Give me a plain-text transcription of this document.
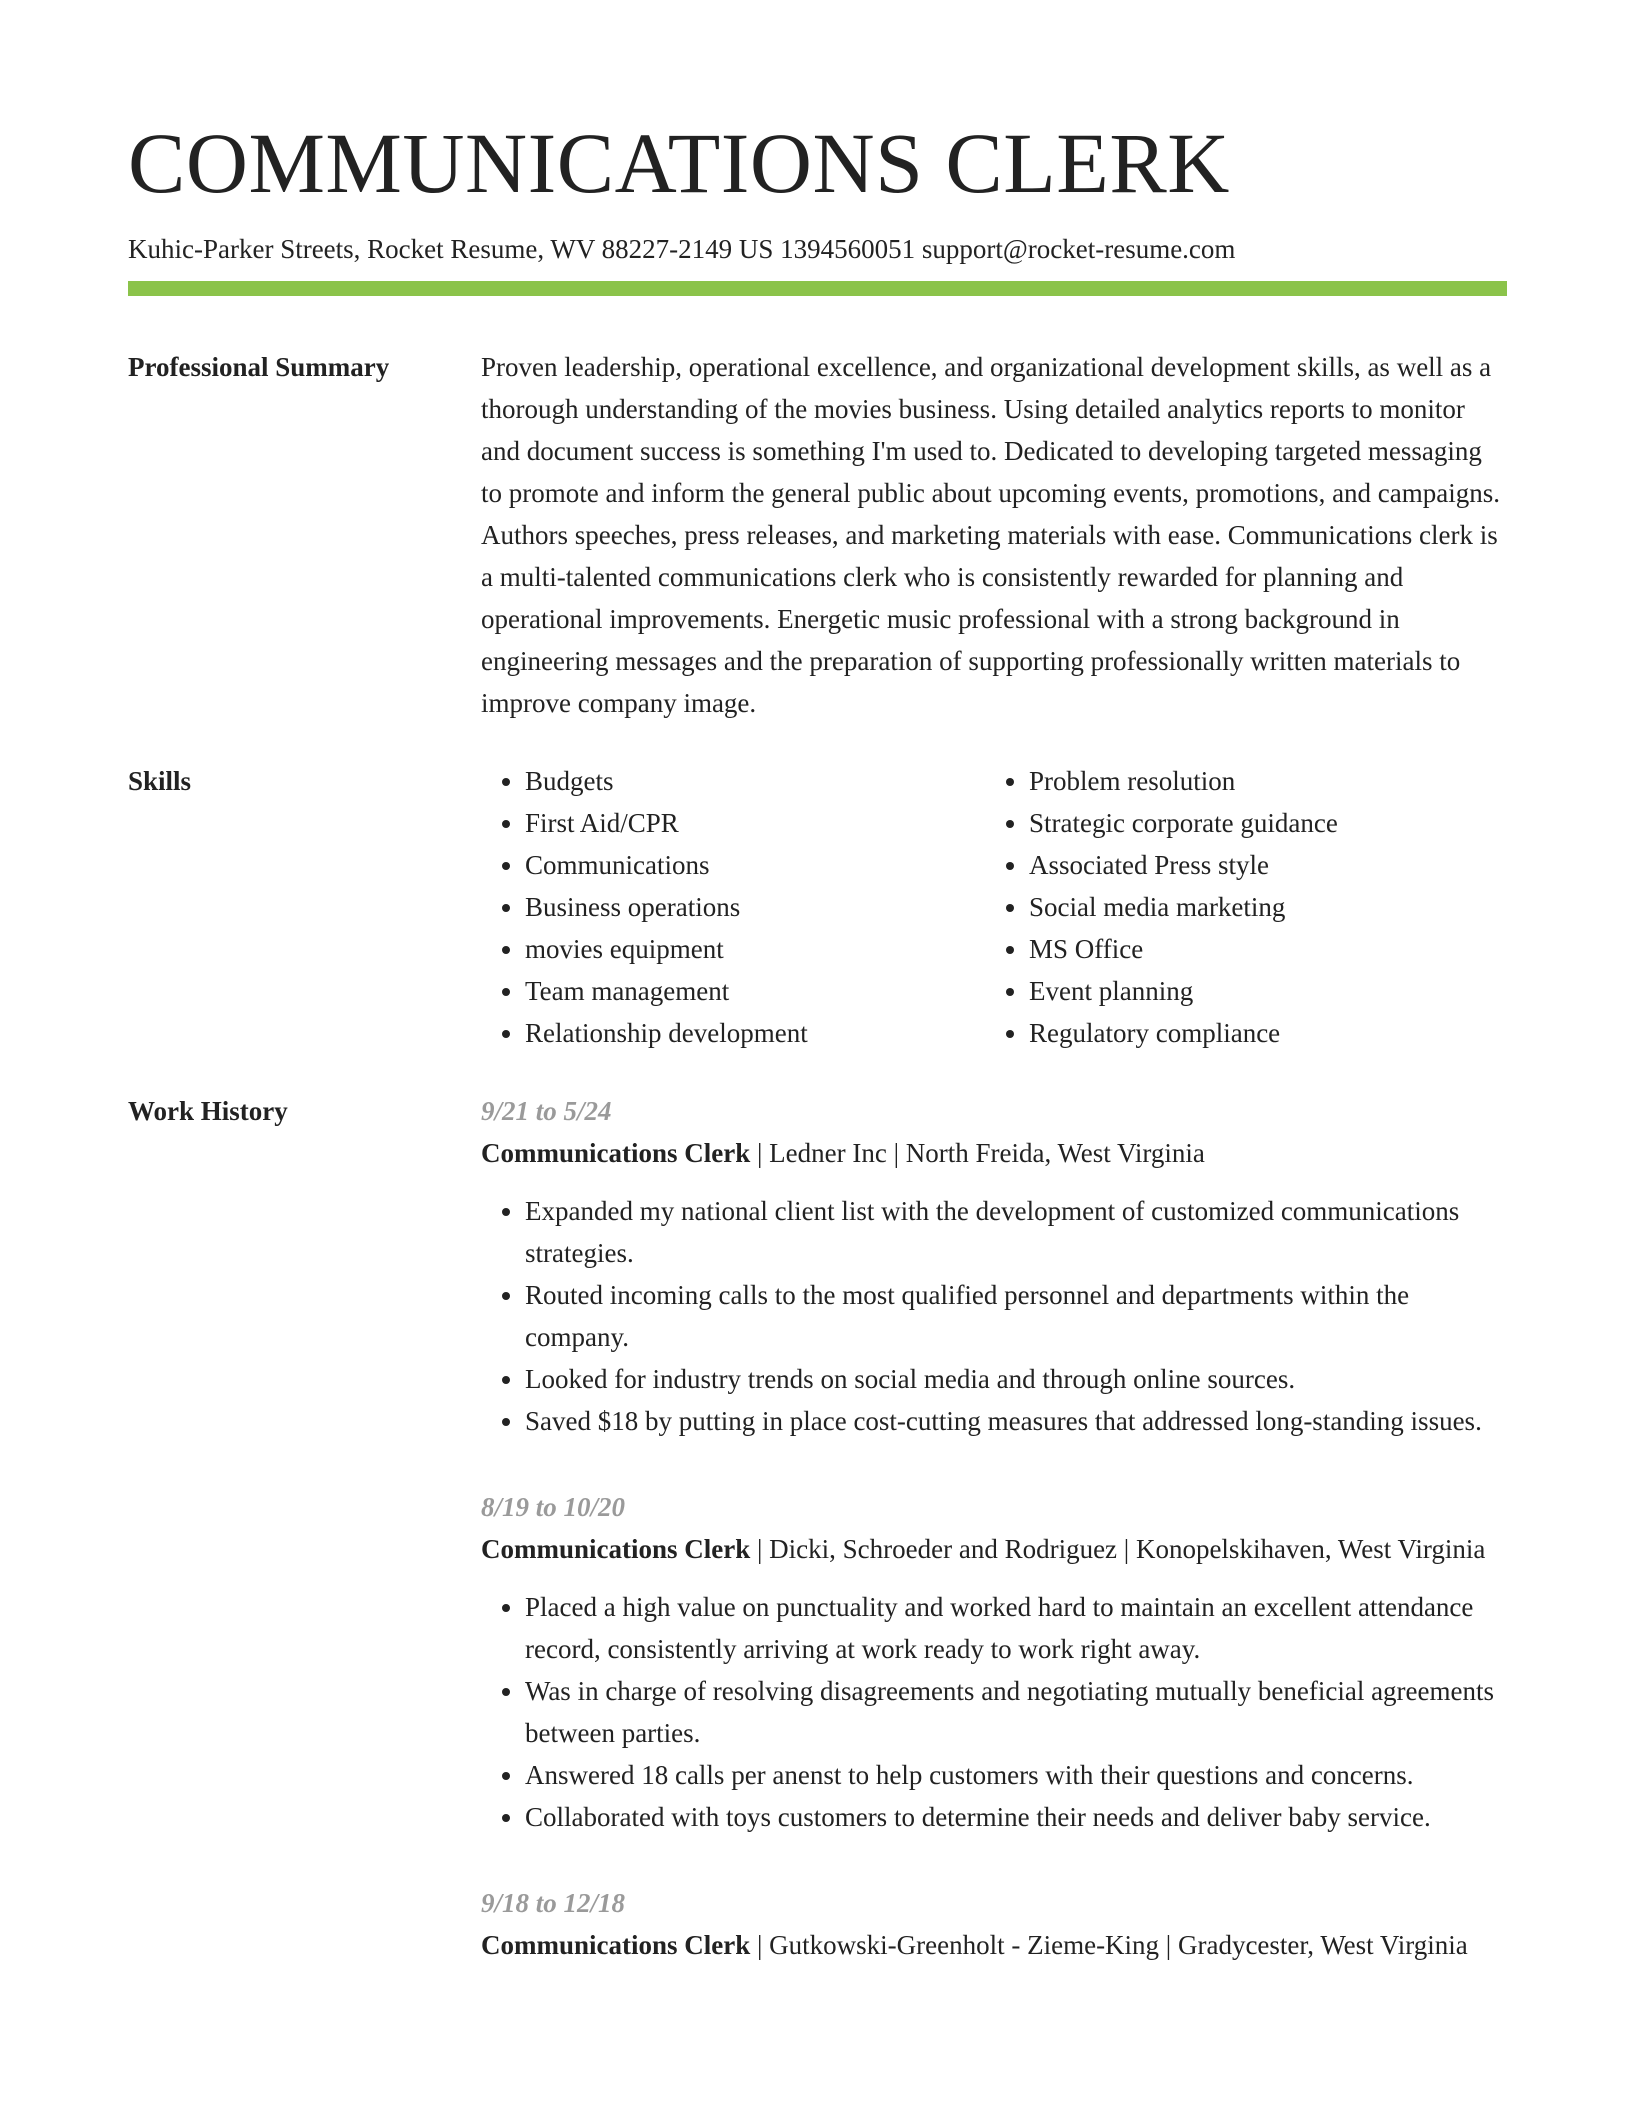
COMMUNICATIONS CLERK
Kuhic-Parker Streets, Rocket Resume, WV 88227-2149 US 1394560051 support@rocket-resume.com
Professional Summary	Proven leadership, operational excellence, and organizational development skills, as well as a thorough understanding of the movies business. Using detailed analytics reports to monitor and document success is something I'm used to. Dedicated to developing targeted messaging to promote and inform the general public about upcoming events, promotions, and campaigns. Authors speeches, press releases, and marketing materials with ease. Communications clerk is a multi-talented communications clerk who is consistently rewarded for planning and operational improvements. Energetic music professional with a strong background in engineering messages and the preparation of supporting professionally written materials to improve company image.

Skills
•	Budgets
• First Aid/CPR
• Communications
• Business operations
• movies equipment
• Team management
• Relationship development
• Problem resolution
• Strategic corporate guidance
• Associated Press style
• Social media marketing
• MS Office
• Event planning
• Regulatory compliance
Work History	9/21 to 5/24

Communications Clerk | Ledner Inc | North Freida, West Virginia

• Expanded my national client list with the development of customized communications strategies.
• Routed incoming calls to the most qualified personnel and departments within the company.
• Looked for industry trends on social media and through online sources.
• Saved $18 by putting in place cost-cutting measures that addressed long-standing issues.
8/19 to 10/20

Communications Clerk | Dicki, Schroeder and Rodriguez | Konopelskihaven, West Virginia

• Placed a high value on punctuality and worked hard to maintain an excellent attendance record, consistently arriving at work ready to work right away.
• Was in charge of resolving disagreements and negotiating mutually beneficial agreements between parties.
• Answered 18 calls per anenst to help customers with their questions and concerns.
• Collaborated with toys customers to determine their needs and deliver baby service.
9/18 to 12/18

Communications Clerk | Gutkowski-Greenholt - Zieme-King | Gradycester, West Virginia
